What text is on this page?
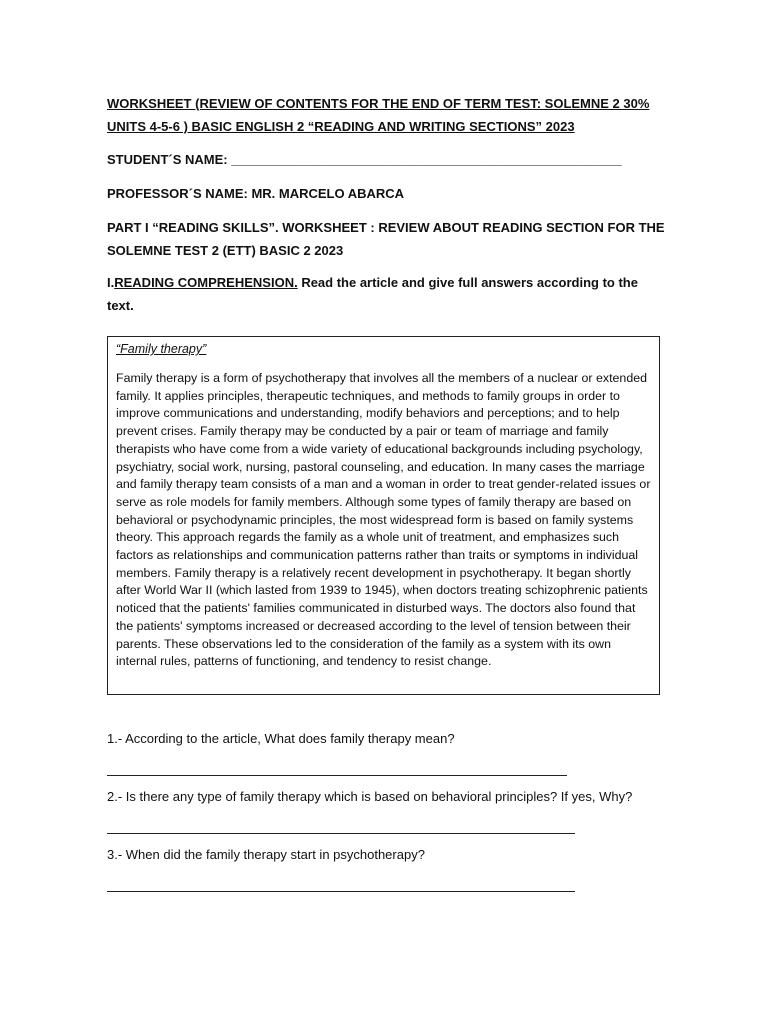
WORKSHEET (REVIEW OF CONTENTS FOR THE END OF TERM TEST: SOLEMNE 2 30% UNITS 4-5-6 ) BASIC ENGLISH 2 “READING AND WRITING SECTIONS” 2023

STUDENT´S NAME: ______________________________________________________

PROFESSOR´S NAME: MR. MARCELO ABARCA

PART I “READING SKILLS”. WORKSHEET : REVIEW ABOUT READING SECTION FOR THE SOLEMNE TEST 2 (ETT) BASIC 2 2023

I.READING COMPREHENSION. Read the article and give full answers according to the text.

“Family therapy”

Family therapy is a form of psychotherapy that involves all the members of a nuclear or extended family. It applies principles, therapeutic techniques, and methods to family groups in order to improve communications and understanding, modify behaviors and perceptions; and to help prevent crises. Family therapy may be conducted by a pair or team of marriage and family therapists who have come from a wide variety of educational backgrounds including psychology, psychiatry, social work, nursing, pastoral counseling, and education. In many cases the marriage and family therapy team consists of a man and a woman in order to treat gender-related issues or serve as role models for family members. Although some types of family therapy are based on behavioral or psychodynamic principles, the most widespread form is based on family systems theory. This approach regards the family as a whole unit of treatment, and emphasizes such factors as relationships and communication patterns rather than traits or symptoms in individual members. Family therapy is a relatively recent development in psychotherapy. It began shortly after World War II (which lasted from 1939 to 1945), when doctors treating schizophrenic patients noticed that the patients' families communicated in disturbed ways. The doctors also found that the patients' symptoms increased or decreased according to the level of tension between their parents. These observations led to the consideration of the family as a system with its own internal rules, patterns of functioning, and tendency to resist change.

1.- According to the article, What does family therapy mean?

2.- Is there any type of family therapy which is based on behavioral principles? If yes, Why?

3.- When did the family therapy start in psychotherapy?
